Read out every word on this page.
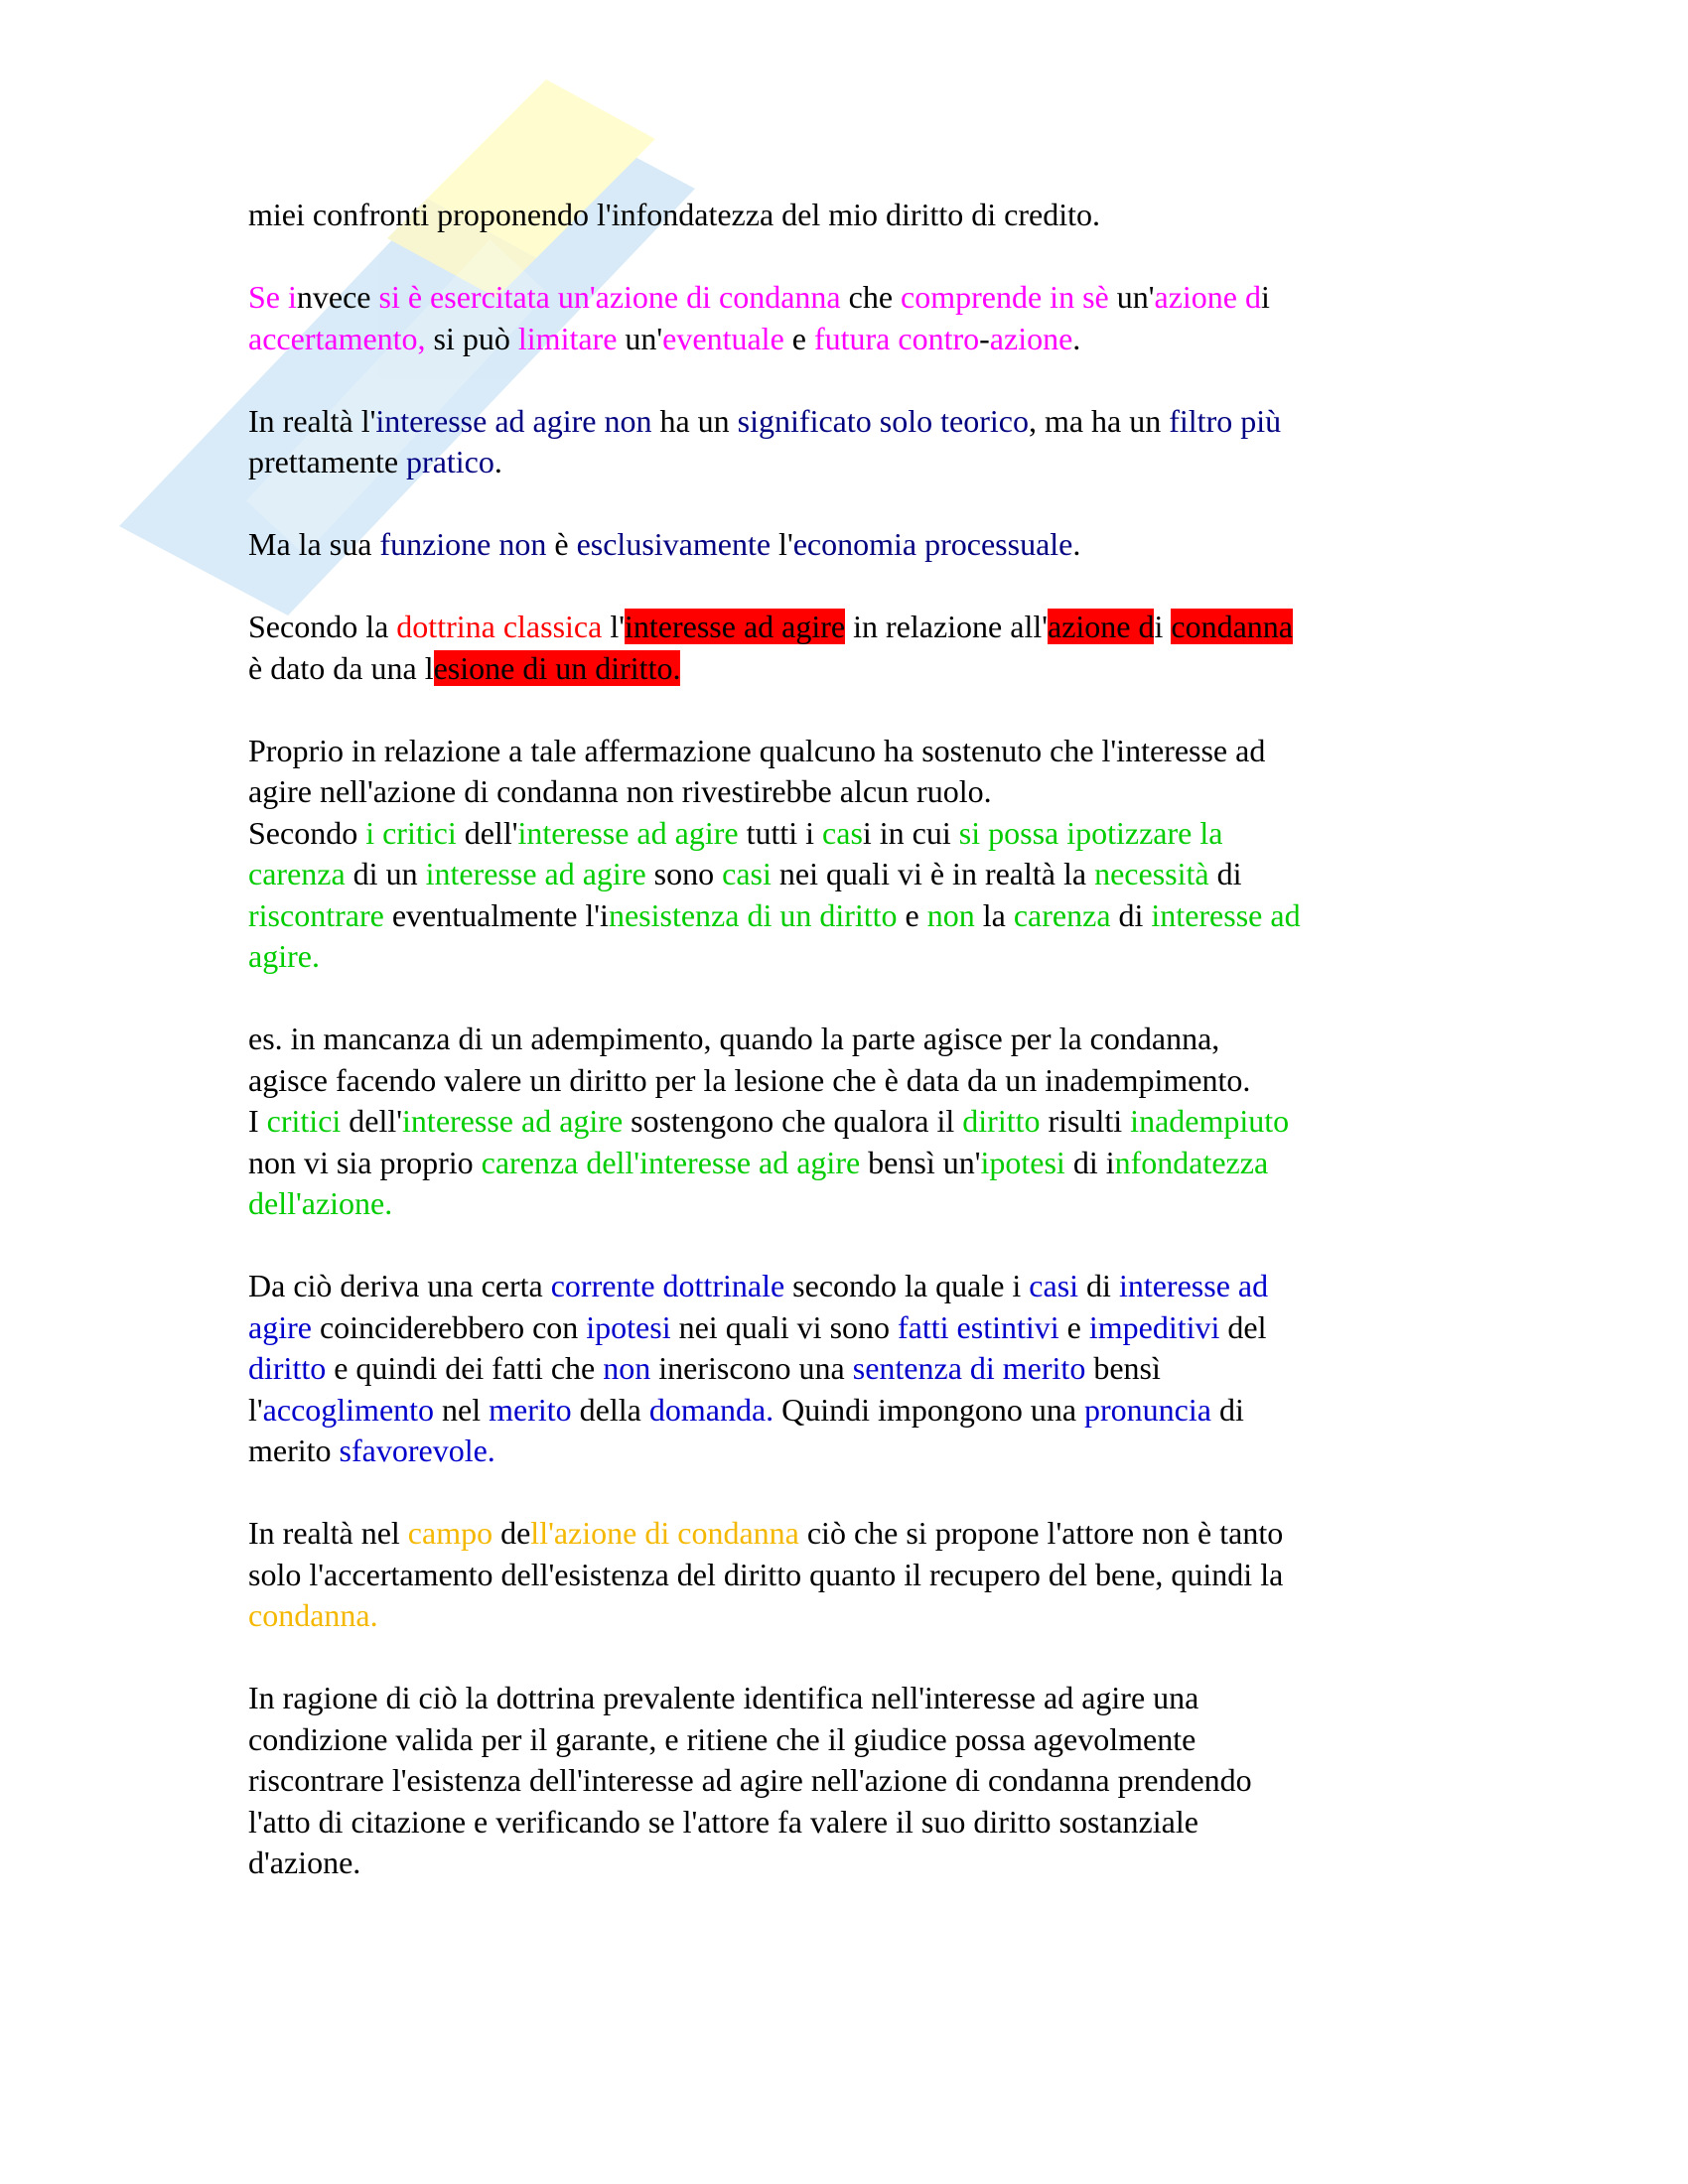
miei confronti proponendo l'infondatezza del mio diritto di credito.
Se invece si è esercitata un'azione di condanna che comprende in sè un'azione di
accertamento, si può limitare un'eventuale e futura contro-azione.
In realtà l'interesse ad agire non ha un significato solo teorico, ma ha un filtro più
prettamente pratico.
Ma la sua funzione non è esclusivamente l'economia processuale.
Secondo la dottrina classica l'interesse ad agire in relazione all'azione di condanna
è dato da una lesione di un diritto.
Proprio in relazione a tale affermazione qualcuno ha sostenuto che l'interesse ad
agire nell'azione di condanna non rivestirebbe alcun ruolo.
Secondo i critici dell'interesse ad agire tutti i casi in cui si possa ipotizzare la
carenza di un interesse ad agire sono casi nei quali vi è in realtà la necessità di
riscontrare eventualmente l'inesistenza di un diritto e non la carenza di interesse ad
agire.
es. in mancanza di un adempimento, quando la parte agisce per la condanna,
agisce facendo valere un diritto per la lesione che è data da un inadempimento.
I critici dell'interesse ad agire sostengono che qualora il diritto risulti inadempiuto
non vi sia proprio carenza dell'interesse ad agire bensì un'ipotesi di infondatezza
dell'azione.
Da ciò deriva una certa corrente dottrinale secondo la quale i casi di interesse ad
agire coinciderebbero con ipotesi nei quali vi sono fatti estintivi e impeditivi del
diritto e quindi dei fatti che non ineriscono una sentenza di merito bensì
l'accoglimento nel merito della domanda. Quindi impongono una pronuncia di
merito sfavorevole.
In realtà nel campo dell'azione di condanna ciò che si propone l'attore non è tanto
solo l'accertamento dell'esistenza del diritto quanto il recupero del bene, quindi la
condanna.
In ragione di ciò la dottrina prevalente identifica nell'interesse ad agire una
condizione valida per il garante, e ritiene che il giudice possa agevolmente
riscontrare l'esistenza dell'interesse ad agire nell'azione di condanna prendendo
l'atto di citazione e verificando se l'attore fa valere il suo diritto sostanziale
d'azione.
